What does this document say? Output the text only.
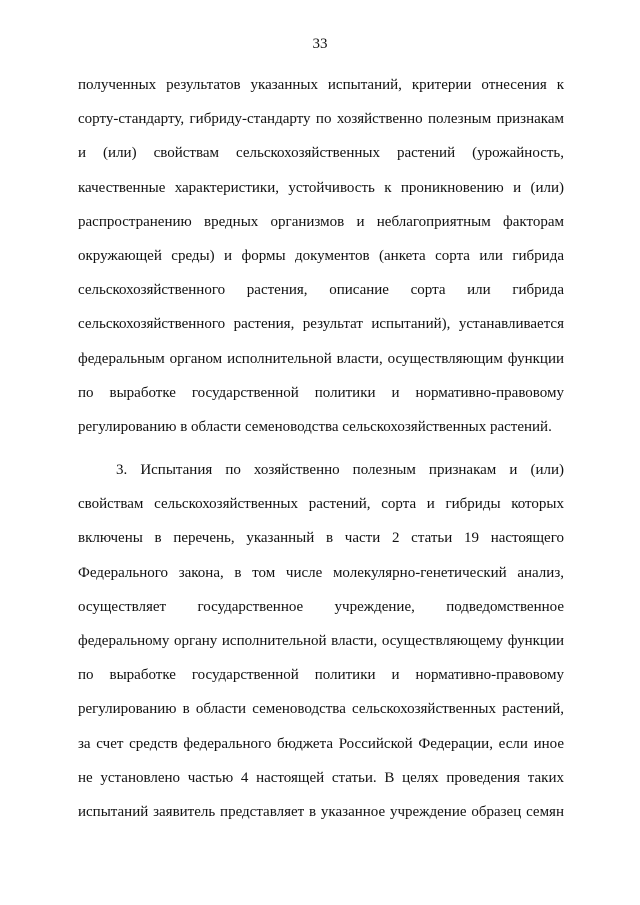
33
полученных результатов указанных испытаний, критерии отнесения к
сорту-стандарту, гибриду-стандарту по хозяйственно полезным признакам
и (или) свойствам сельскохозяйственных растений (урожайность,
качественные характеристики, устойчивость к проникновению и (или)
распространению вредных организмов и неблагоприятным факторам
окружающей среды) и формы документов (анкета сорта или гибрида
сельскохозяйственного растения, описание сорта или гибрида
сельскохозяйственного растения, результат испытаний), устанавливается
федеральным органом исполнительной власти, осуществляющим функции
по выработке государственной политики и нормативно-правовому
регулированию в области семеноводства сельскохозяйственных растений.
3. Испытания по хозяйственно полезным признакам и (или)
свойствам сельскохозяйственных растений, сорта и гибриды которых
включены в перечень, указанный в части 2 статьи 19 настоящего
Федерального закона, в том числе молекулярно-генетический анализ,
осуществляет государственное учреждение, подведомственное
федеральному органу исполнительной власти, осуществляющему функции
по выработке государственной политики и нормативно-правовому
регулированию в области семеноводства сельскохозяйственных растений,
за счет средств федерального бюджета Российской Федерации, если иное
не установлено частью 4 настоящей статьи. В целях проведения таких
испытаний заявитель представляет в указанное учреждение образец семян
